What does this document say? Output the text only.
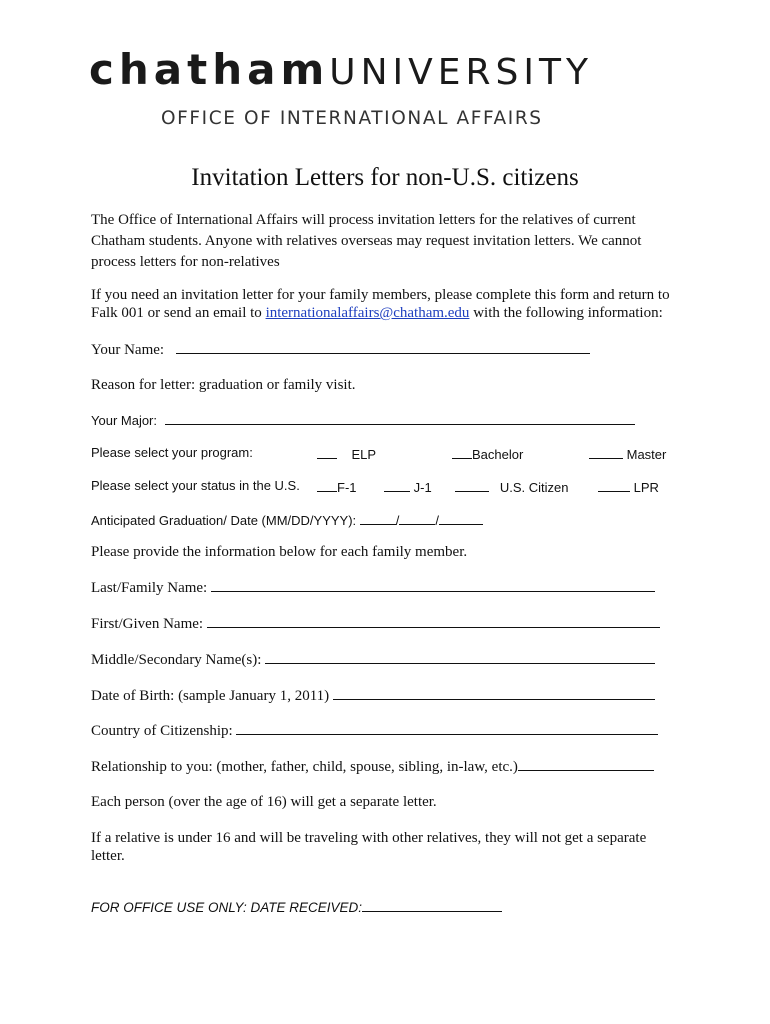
chathamUNIVERSITY
OFFICE OF INTERNATIONAL AFFAIRS
Invitation Letters for non-U.S. citizens
The Office of International Affairs will process invitation letters for the relatives of current
Chatham students. Anyone with relatives overseas may request invitation letters. We cannot
process letters for non-relatives
If you need an invitation letter for your family members, please complete this form and return to
Falk 001 or send an email to internationalaffairs@chatham.edu with the following information:
Your Name:
Reason for letter: graduation or family visit.
Your Major:
Please select your program:	ELP	Bachelor	Master
Please select your status in the U.S.	F-1	J-1	U.S. Citizen	LPR
Anticipated Graduation/ Date (MM/DD/YYYY):	/	/
Please provide the information below for each family member.
Last/Family Name:
First/Given Name:
Middle/Secondary Name(s):
Date of Birth: (sample January 1, 2011)
Country of Citizenship:
Relationship to you: (mother, father, child, spouse, sibling, in-law, etc.)
Each person (over the age of 16) will get a separate letter.
If a relative is under 16 and will be traveling with other relatives, they will not get a separate
letter.
FOR OFFICE USE ONLY: DATE RECEIVED:
